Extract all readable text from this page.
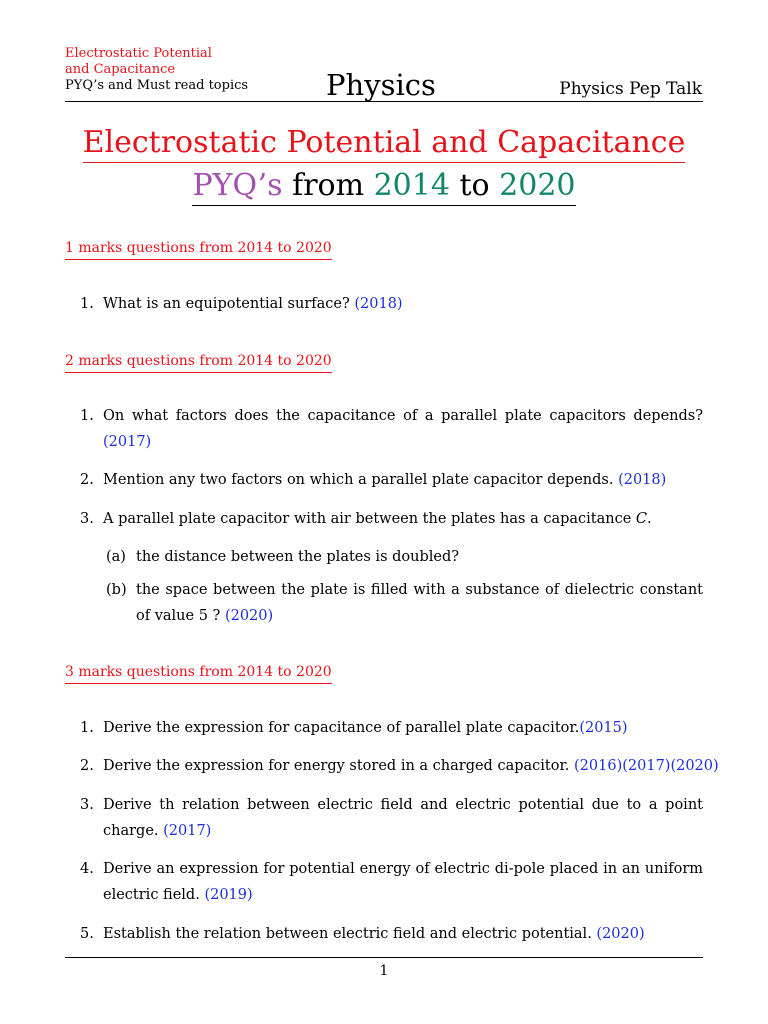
Electrostatic Potential
and Capacitance
PYQ’s and Must read topics	Physics	Physics Pep Talk
Electrostatic Potential and Capacitance
PYQ’s from 2014 to 2020
1 marks questions from 2014 to 2020
1. What is an equipotential surface? (2018)
2 marks questions from 2014 to 2020
1. On what factors does the capacitance of a parallel plate capacitors depends? (2017)
2. Mention any two factors on which a parallel plate capacitor depends. (2018)
3. A parallel plate capacitor with air between the plates has a capacitance C.
(a) the distance between the plates is doubled?
(b) the space between the plate is filled with a substance of dielectric constant of value 5 ? (2020)
3 marks questions from 2014 to 2020
1. Derive the expression for capacitance of parallel plate capacitor.(2015)
2. Derive the expression for energy stored in a charged capacitor. (2016)(2017)(2020)
3. Derive th relation between electric field and electric potential due to a point charge. (2017)
4. Derive an expression for potential energy of electric di-pole placed in an uniform electric field. (2019)
5. Establish the relation between electric field and electric potential. (2020)
1
